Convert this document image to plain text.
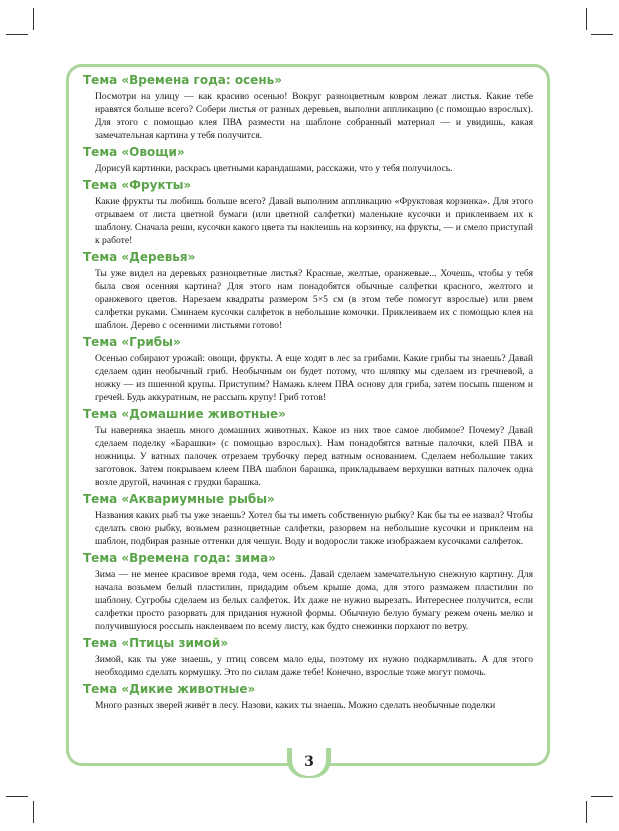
Тема «Времена года: осень»

Посмотри на улицу — как красиво осенью! Вокруг разноцветным ковром лежат листья. Какие тебе нравятся больше всего? Собери листья от разных деревьев, выполни аппликацию (с помощью взрослых). Для этого с помощью клея ПВА размести на шаблоне собранный материал — и увидишь, какая замечательная картина у тебя получится.

Тема «Овощи»

Дорисуй картинки, раскрась цветными карандашами, расскажи, что у тебя получилось.

Тема «Фрукты»

Какие фрукты ты любишь больше всего? Давай выполним аппликацию «Фруктовая корзинка». Для этого отрываем от листа цветной бумаги (или цветной салфетки) маленькие кусочки и приклеиваем их к шаблону. Сначала реши, кусочки какого цвета ты наклеишь на корзинку, на фрукты, — и смело приступай к работе!

Тема «Деревья»

Ты уже видел на деревьях разноцветные листья? Красные, желтые, оранжевые... Хочешь, чтобы у тебя была своя осенняя картина? Для этого нам понадобятся обычные салфетки красного, желтого и оранжевого цветов. Нарезаем квадраты размером 5×5 см (в этом тебе помогут взрослые) или рвем салфетки руками. Сминаем кусочки салфеток в небольшие комочки. Приклеиваем их с помощью клея на шаблон. Дерево с осенними листьями готово!

Тема «Грибы»

Осенью собирают урожай: овощи, фрукты. А еще ходят в лес за грибами. Какие грибы ты знаешь? Давай сделаем один необычный гриб. Необычным он будет потому, что шляпку мы сделаем из гречневой, а ножку — из пшенной крупы. Приступим? Намажь клеем ПВА основу для гриба, затем посыпь пшеном и гречей. Будь аккуратным, не рассыпь крупу! Гриб готов!

Тема «Домашние животные»

Ты наверняка знаешь много домашних животных. Какое из них твое самое любимое? Почему? Давай сделаем поделку «Барашки» (с помощью взрослых). Нам понадобятся ватные палочки, клей ПВА и ножницы. У ватных палочек отрезаем трубочку перед ватным основанием. Сделаем небольшие таких заготовок. Затем покрываем клеем ПВА шаблон барашка, прикладываем верхушки ватных палочек одна возле другой, начиная с грудки барашка.

Тема «Аквариумные рыбы»

Названия каких рыб ты уже знаешь? Хотел бы ты иметь собственную рыбку? Как бы ты ее назвал? Чтобы сделать свою рыбку, возьмем разноцветные салфетки, разорвем на небольшие кусочки и приклеим на шаблон, подбирая разные оттенки для чешуи. Воду и водоросли также изображаем кусочками салфеток.

Тема «Времена года: зима»

Зима — не менее красивое время года, чем осень. Давай сделаем замечательную снежную картину. Для начала возьмем белый пластилин, придадим объем крыше дома, для этого размажем пластилин по шаблону. Сугробы сделаем из белых салфеток. Их даже не нужно вырезать. Интереснее получится, если салфетки просто разорвать для придания нужной формы. Обычную белую бумагу режем очень мелко и получившуюся россыпь наклеиваем по всему листу, как будто снежинки порхают по ветру.

Тема «Птицы зимой»

Зимой, как ты уже знаешь, у птиц совсем мало еды, поэтому их нужно подкармливать. А для этого необходимо сделать кормушку. Это по силам даже тебе! Конечно, взрослые тоже могут помочь.

Тема «Дикие животные»

Много разных зверей живёт в лесу. Назови, каких ты знаешь. Можно сделать необычные поделки

3
